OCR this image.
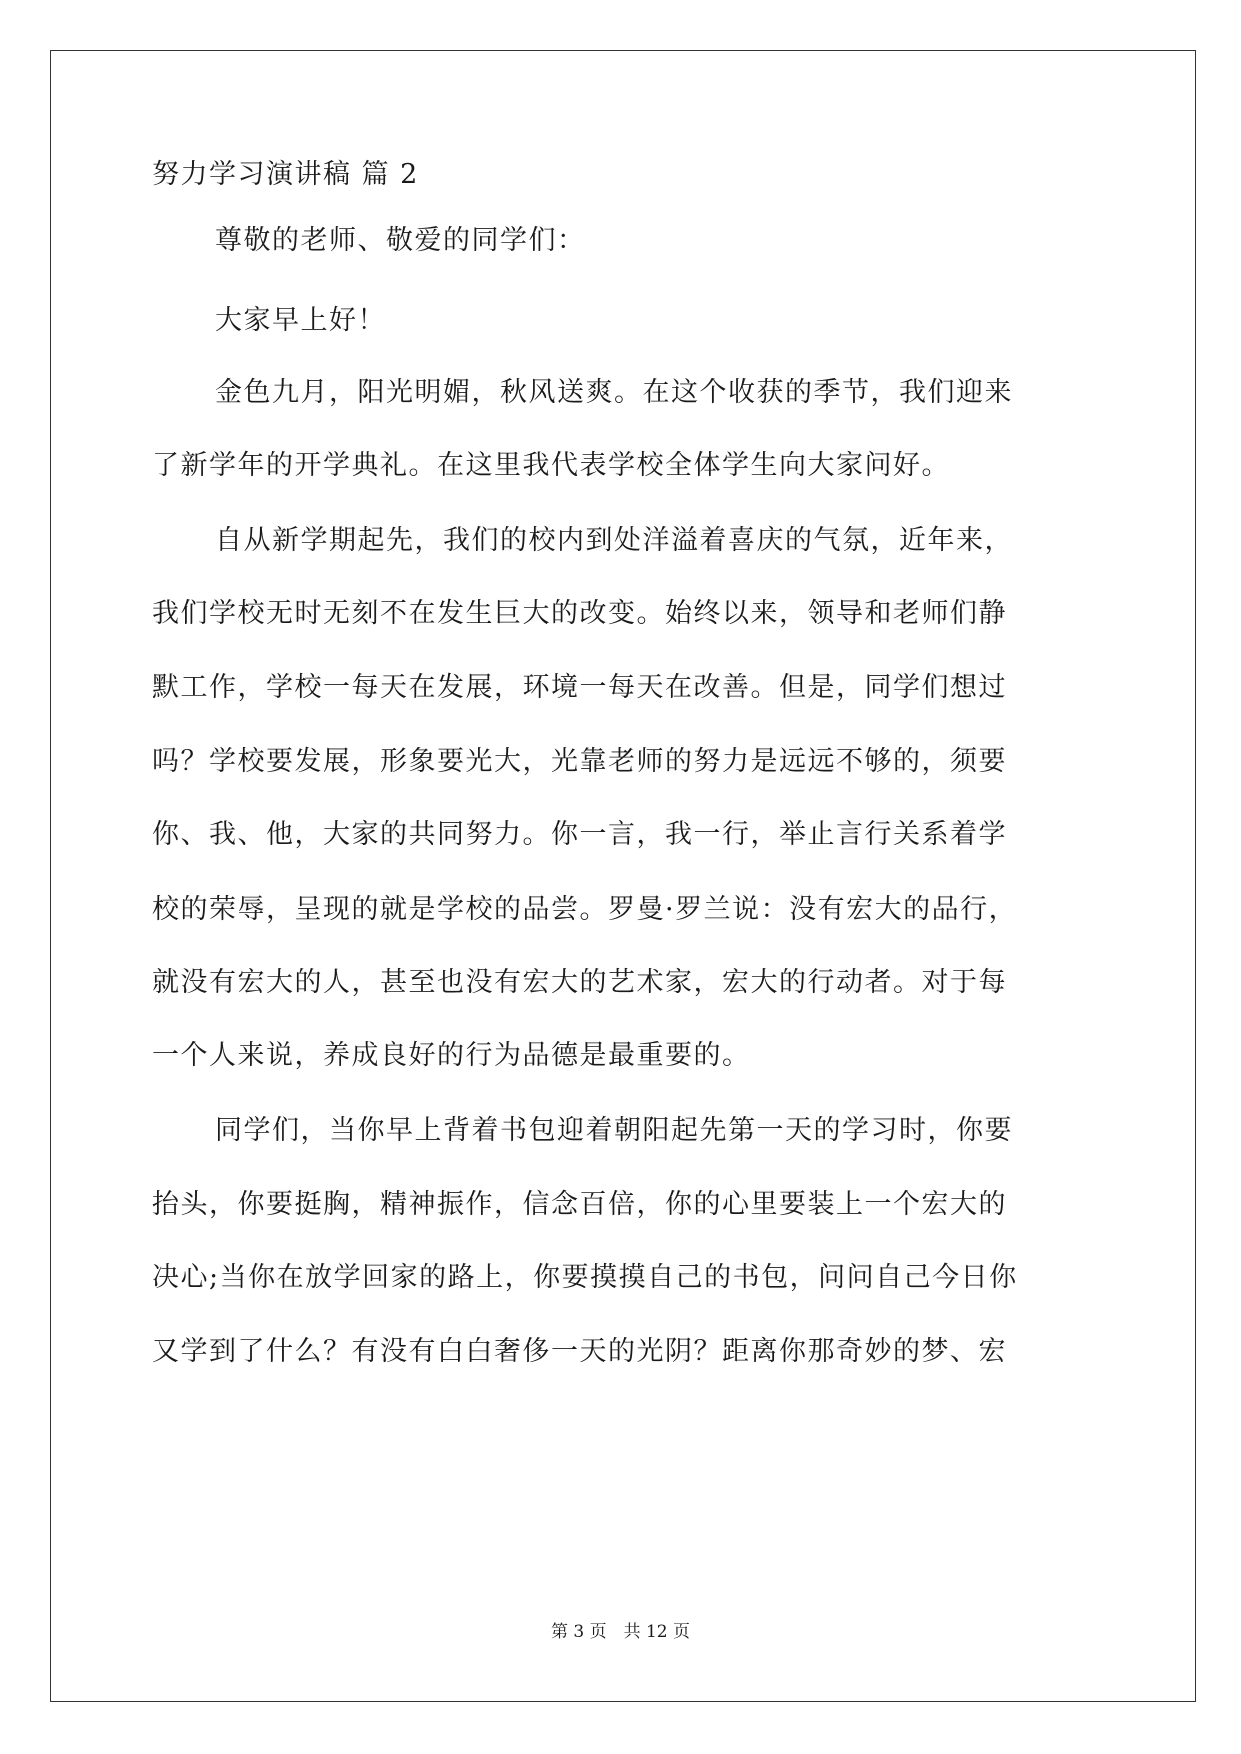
努力学习演讲稿 篇 2
尊敬的老师、敬爱的同学们：
大家早上好！
金色九月，阳光明媚，秋风送爽。在这个收获的季节，我们迎来
了新学年的开学典礼。在这里我代表学校全体学生向大家问好。
自从新学期起先，我们的校内到处洋溢着喜庆的气氛，近年来，
我们学校无时无刻不在发生巨大的改变。始终以来，领导和老师们静
默工作，学校一每天在发展，环境一每天在改善。但是，同学们想过
吗？学校要发展，形象要光大，光靠老师的努力是远远不够的，须要
你、我、他，大家的共同努力。你一言，我一行，举止言行关系着学
校的荣辱，呈现的就是学校的品尝。罗曼·罗兰说：没有宏大的品行，
就没有宏大的人，甚至也没有宏大的艺术家，宏大的行动者。对于每
一个人来说，养成良好的行为品德是最重要的。
同学们，当你早上背着书包迎着朝阳起先第一天的学习时，你要
抬头，你要挺胸，精神振作，信念百倍，你的心里要装上一个宏大的
决心;当你在放学回家的路上，你要摸摸自己的书包，问问自己今日你
又学到了什么？有没有白白奢侈一天的光阴？距离你那奇妙的梦、宏
第 3 页　共 12 页
